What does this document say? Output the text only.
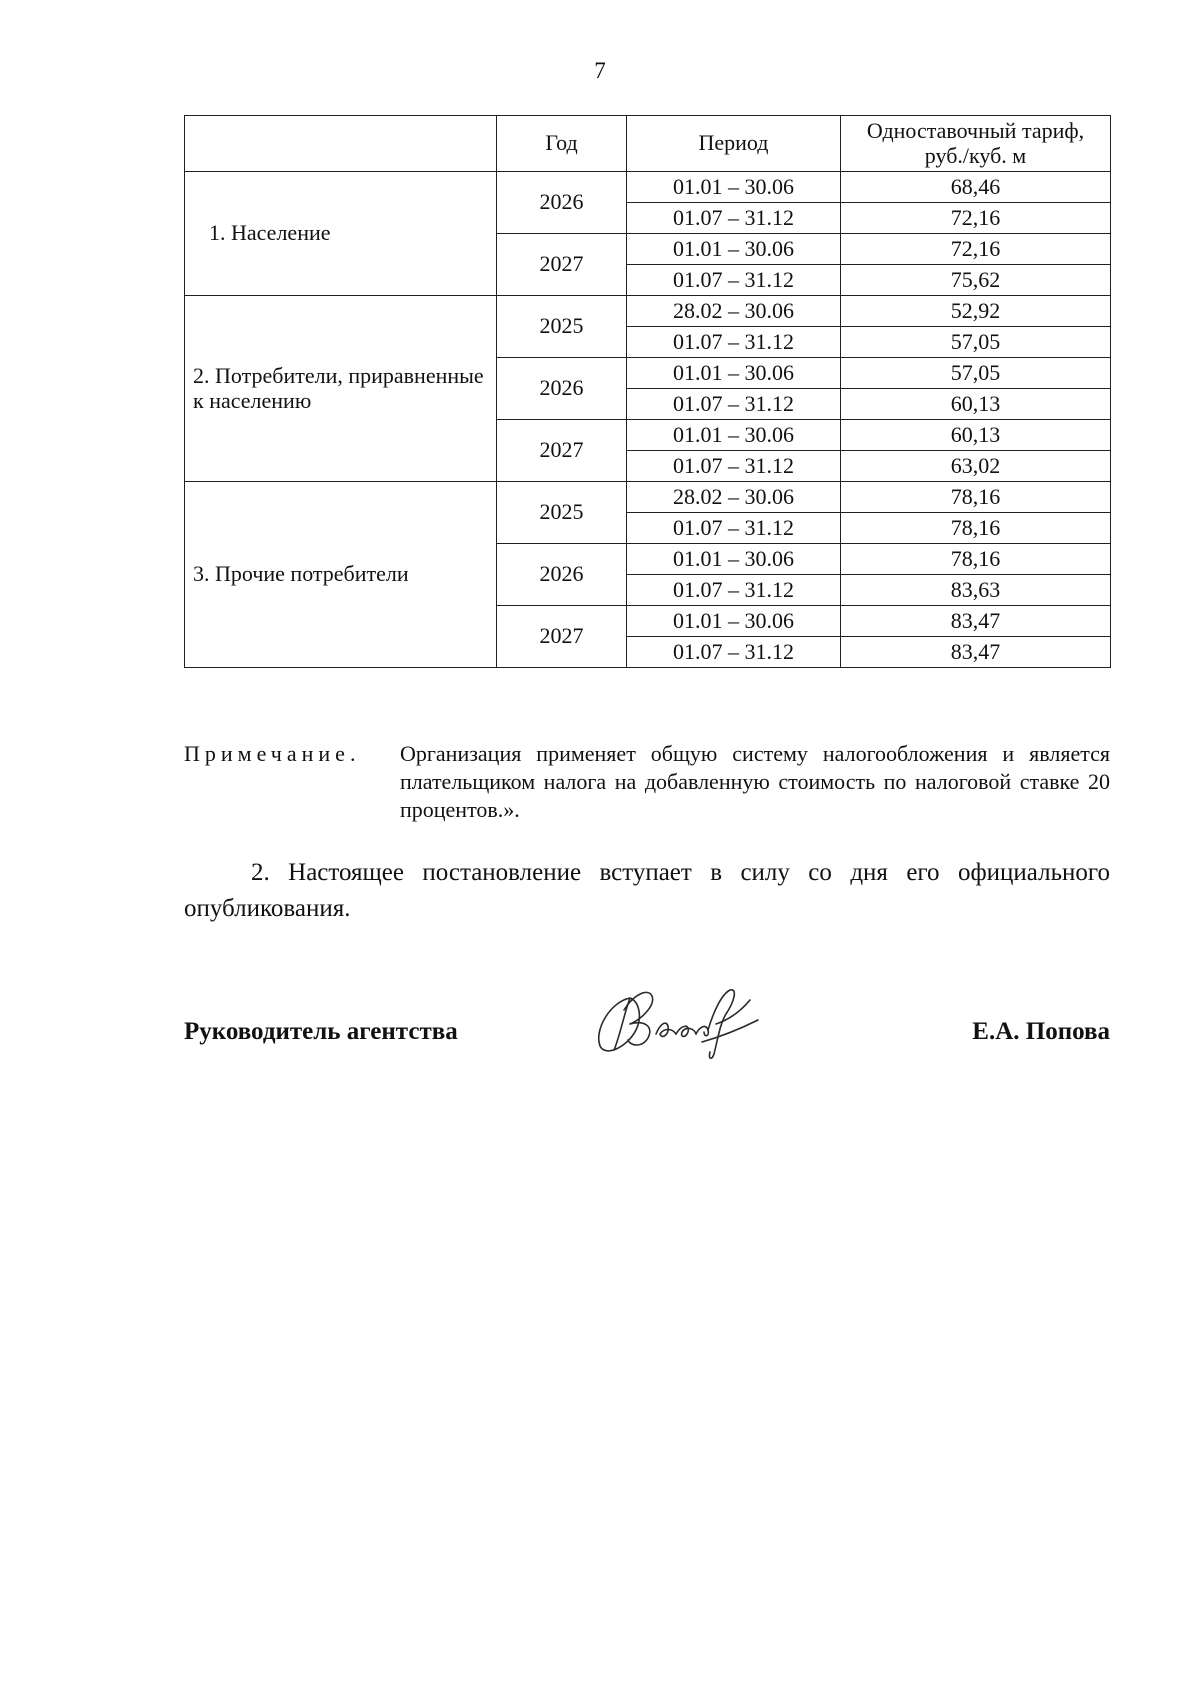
7
	Год	Период	Одноставочный тариф, руб./куб. м
1. Население	2026	01.01 – 30.06	68,46
		01.07 – 31.12	72,16
	2027	01.01 – 30.06	72,16
		01.07 – 31.12	75,62
2. Потребители, приравненные к населению	2025	28.02 – 30.06	52,92
		01.07 – 31.12	57,05
	2026	01.01 – 30.06	57,05
		01.07 – 31.12	60,13
	2027	01.01 – 30.06	60,13
		01.07 – 31.12	63,02
3. Прочие потребители	2025	28.02 – 30.06	78,16
		01.07 – 31.12	78,16
	2026	01.01 – 30.06	78,16
		01.07 – 31.12	83,63
	2027	01.01 – 30.06	83,47
		01.07 – 31.12	83,47
Примечание. Организация применяет общую систему налогообложения и является плательщиком налога на добавленную стоимость по налоговой ставке 20 процентов.».
2. Настоящее постановление вступает в силу со дня его официального опубликования.
Руководитель агентства	Е.А. Попова
